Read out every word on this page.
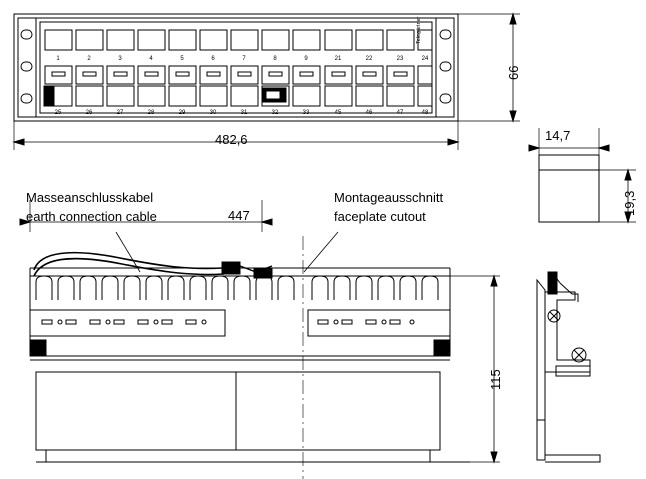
1	2	3	4	5	6	7	8	9	21	22	23	24
25	26	27	28	29	30	31	32	33	45	46	47	48
Telegärtner
482,6
66
14,7
19,3
115
447
Masseanschlusskabel
earth connection cable
Montageausschnitt
faceplate cutout
